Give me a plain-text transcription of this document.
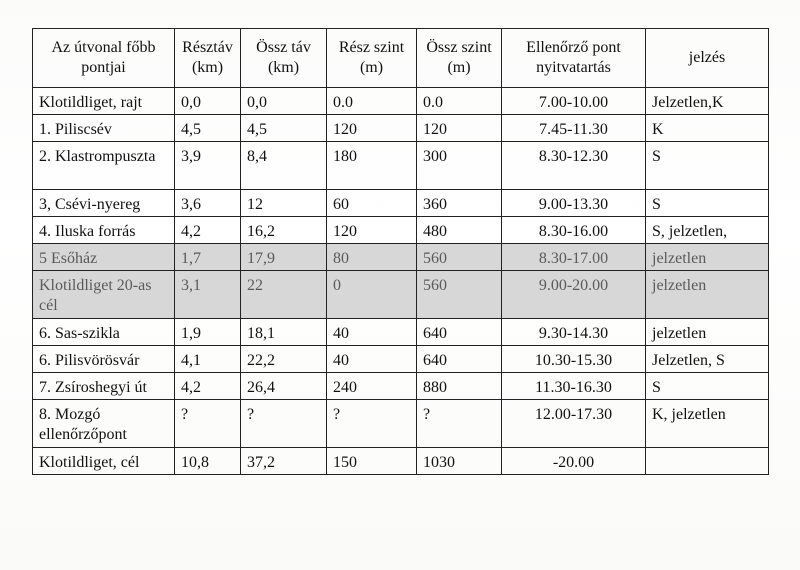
Az útvonal főbb pontjai	Résztáv (km)	Össz táv (km)	Rész szint (m)	Össz szint (m)	Ellenőrző pont nyitvatartás	jelzés
Klotildliget, rajt	0,0	0,0	0.0	0.0	7.00-10.00	Jelzetlen,K
1. Piliscsév	4,5	4,5	120	120	7.45-11.30	K
2. Klastrompuszta	3,9	8,4	180	300	8.30-12.30	S
3, Csévi-nyereg	3,6	12	60	360	9.00-13.30	S
4. Iluska forrás	4,2	16,2	120	480	8.30-16.00	S, jelzetlen,
5 Esőház	1,7	17,9	80	560	8.30-17.00	jelzetlen
Klotildliget 20-as cél	3,1	22	0	560	9.00-20.00	jelzetlen
6. Sas-szikla	1,9	18,1	40	640	9.30-14.30	jelzetlen
6. Pilisvörösvár	4,1	22,2	40	640	10.30-15.30	Jelzetlen, S
7. Zsíroshegyi út	4,2	26,4	240	880	11.30-16.30	S
8. Mozgó ellenőrzőpont	?	?	?	?	12.00-17.30	K, jelzetlen
Klotildliget, cél	10,8	37,2	150	1030	-20.00	
